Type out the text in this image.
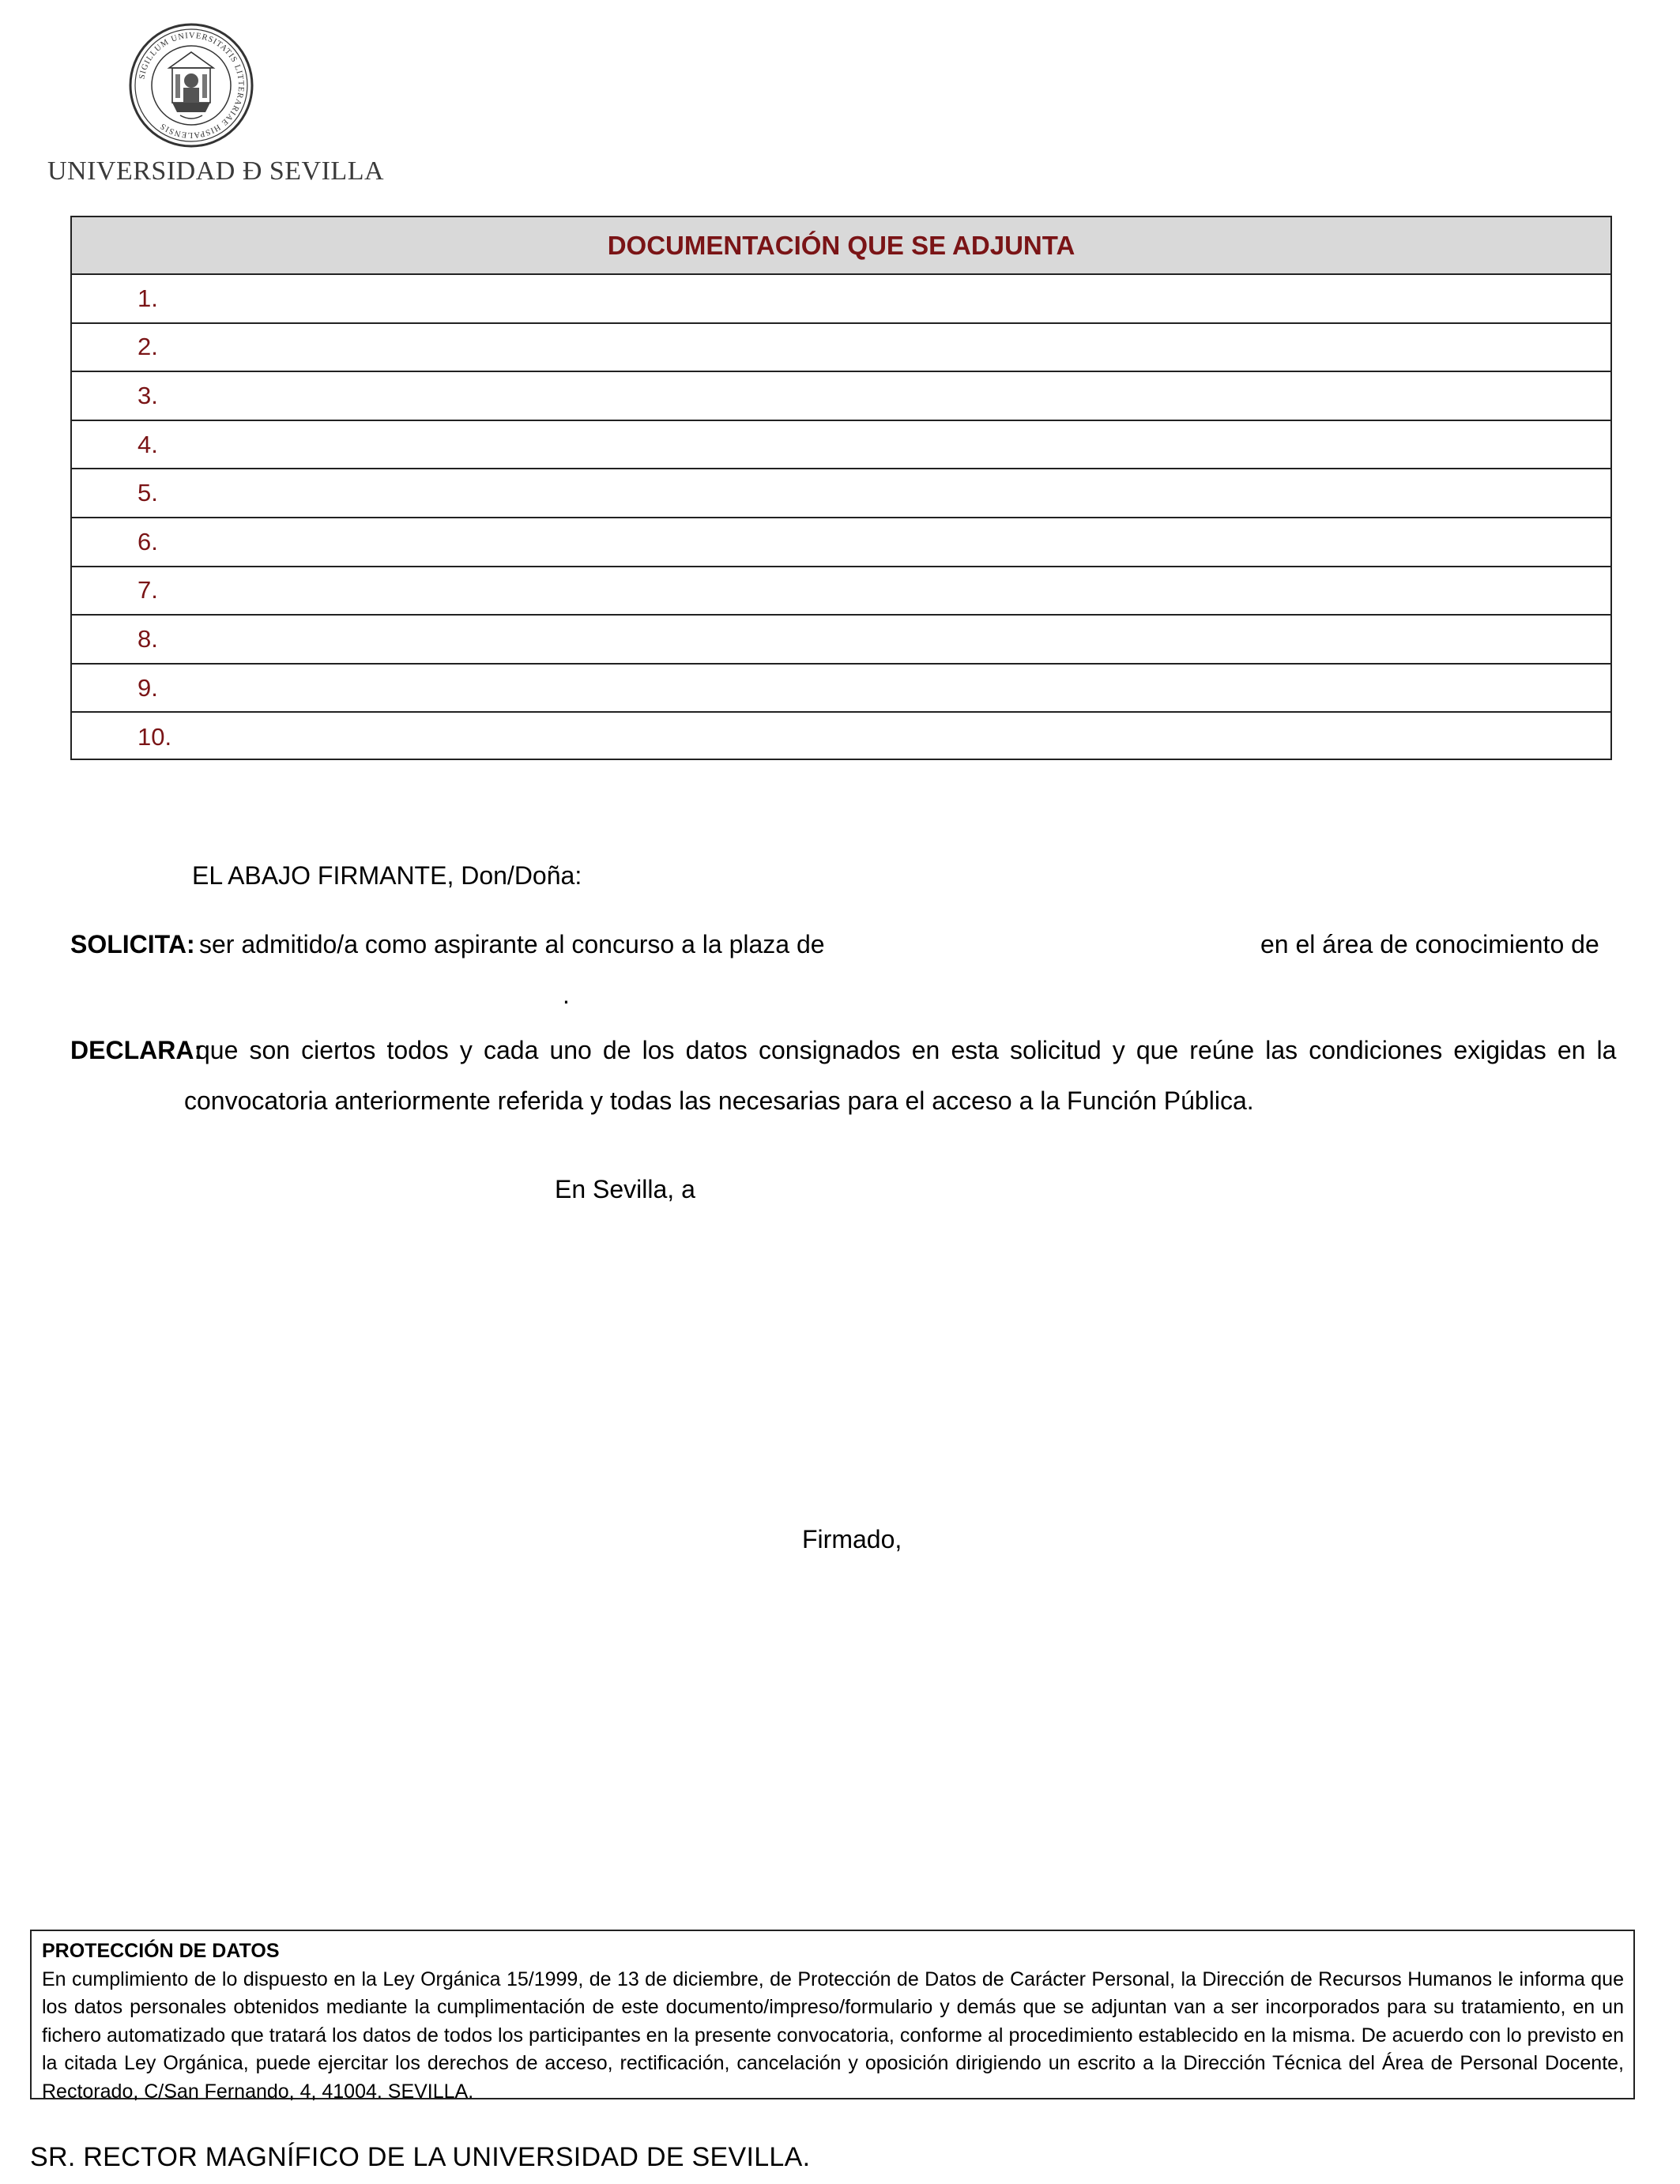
SIGILLUM UNIVERSITATIS LITTERARIAE HISPALENSIS
UNIVERSIDAD Ð SEVILLA
DOCUMENTACIÓN QUE SE ADJUNTA
1.
2.
3.
4.
5.
6.
7.
8.
9.
10.
EL ABAJO FIRMANTE, Don/Doña:
SOLICITA: ser admitido/a como aspirante al concurso a la plaza de	en el área de conocimiento de
.
DECLARA:
que son ciertos todos y cada uno de los datos consignados en esta solicitud y que reúne las condiciones exigidas en la
convocatoria anteriormente referida y todas las necesarias para el acceso a la Función Pública.
En Sevilla, a
Firmado,
PROTECCIÓN DE DATOS
En cumplimiento de lo dispuesto en la Ley Orgánica 15/1999, de 13 de diciembre, de Protección de Datos de Carácter Personal, la Dirección de Recursos Humanos le informa que los datos personales obtenidos mediante la cumplimentación de este documento/impreso/formulario y demás que se adjuntan van a ser incorporados para su tratamiento, en un fichero automatizado que tratará los datos de todos los participantes en la presente convocatoria, conforme al procedimiento establecido en la misma. De acuerdo con lo previsto en la citada Ley Orgánica, puede ejercitar los derechos de acceso, rectificación, cancelación y oposición dirigiendo un escrito a la Dirección Técnica del Área de Personal Docente, Rectorado, C/San Fernando, 4, 41004. SEVILLA.
SR. RECTOR MAGNÍFICO DE LA UNIVERSIDAD DE SEVILLA.
